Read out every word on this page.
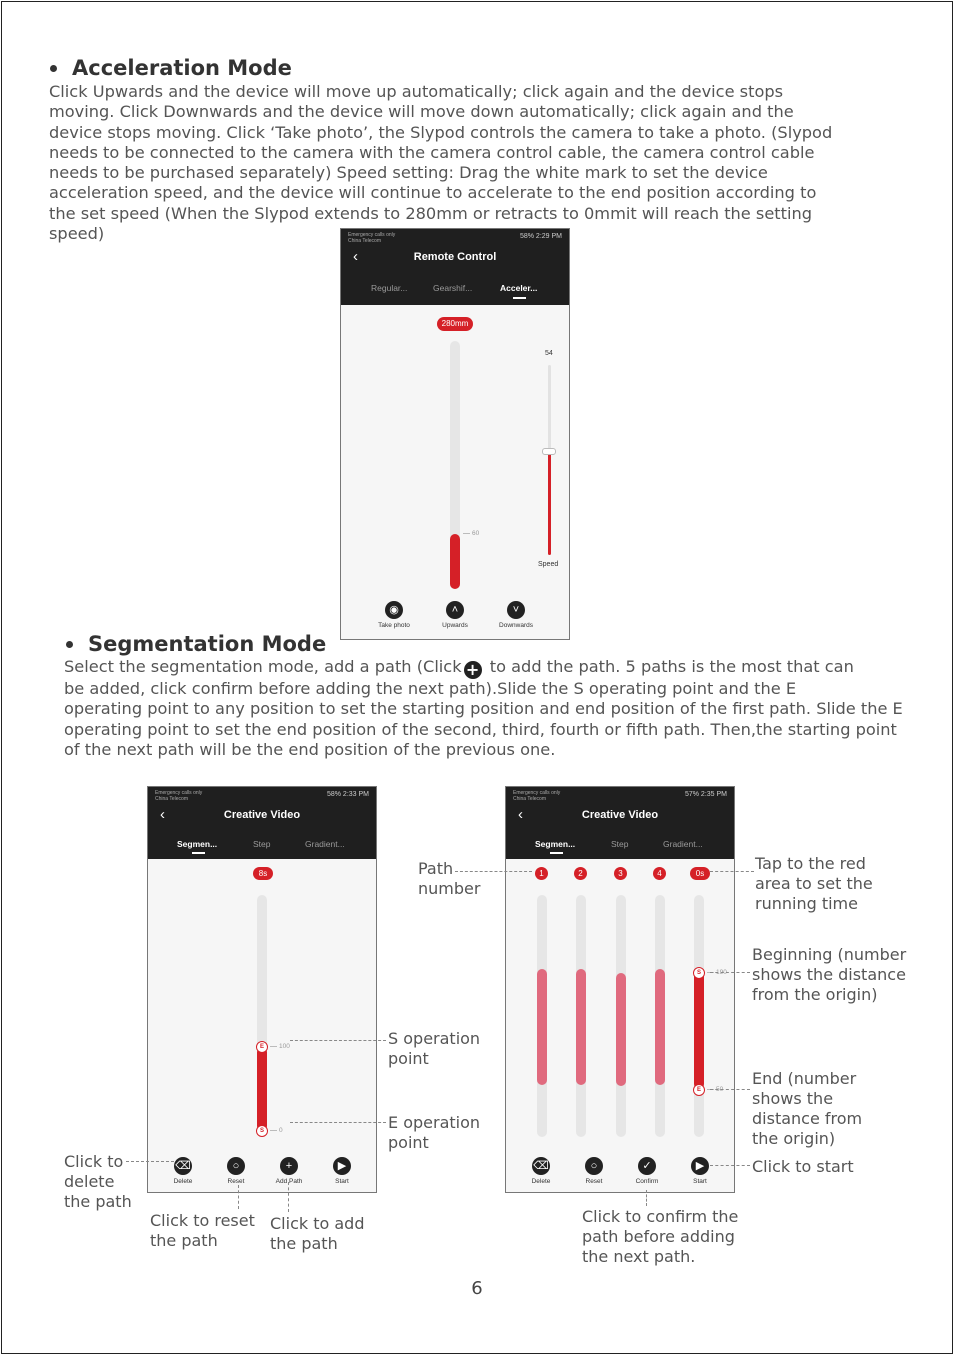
Acceleration Mode

Click Upwards and the device will move up automatically; click again and the device stops

moving. Click Downwards and the device will move down automatically; click again and the

device stops moving. Click ‘Take photo’, the Slypod controls the camera to take a photo. (Slypod

needs to be connected to the camera with the camera control cable, the camera control cable

needs to be purchased separately) Speed setting: Drag the white mark to set the device

acceleration speed, and the device will continue to accelerate to the end position according to

the set speed (When the Slypod extends to 280mm or retracts to 0mmit will reach the setting

speed)	Emergency calls only
China Telecom
58% 2:29 PM
‹	Remote Control
Regular...	Gearshif...	Acceler...
280mm
60
54
Speed
◉
Take photo
˄
Upwards
˅
Downwards
Segmentation Mode

Select the segmentation mode, add a path (Click + to add the path. 5 paths is the most that can

be added, click confirm before adding the next path).Slide the S operating point and the E

operating point to any position to set the starting position and end position of the first path. Slide the E

operating point to set the end position of the second, third, fourth or fifth path. Then,the starting point

of the next path will be the end position of the previous one.

Emergency calls only
China Telecom
58% 2:33 PM
‹	Creative Video
Segmen...	Step	Gradient...
8s
E	100
S	0
⌫
Delete
○
Reset
+
Add Path
▶
Start
Emergency calls only
China Telecom
57% 2:35 PM
‹	Creative Video
Segmen...	Step	Gradient...
1	2	3	4	0s
S	190
E	50
⌫
Delete
○
Reset
✓
Confirm
▶
Start
Click to
delete
the path
Click to reset
the path
Click to add
the path
S operation
point
E operation
point
Path
number
Tap to the red
area to set the
running time
Beginning (number
shows the distance
from the origin)
End (number
shows the
distance from
the origin)
Click to start
Click to confirm the
path before adding
the next path.
6
